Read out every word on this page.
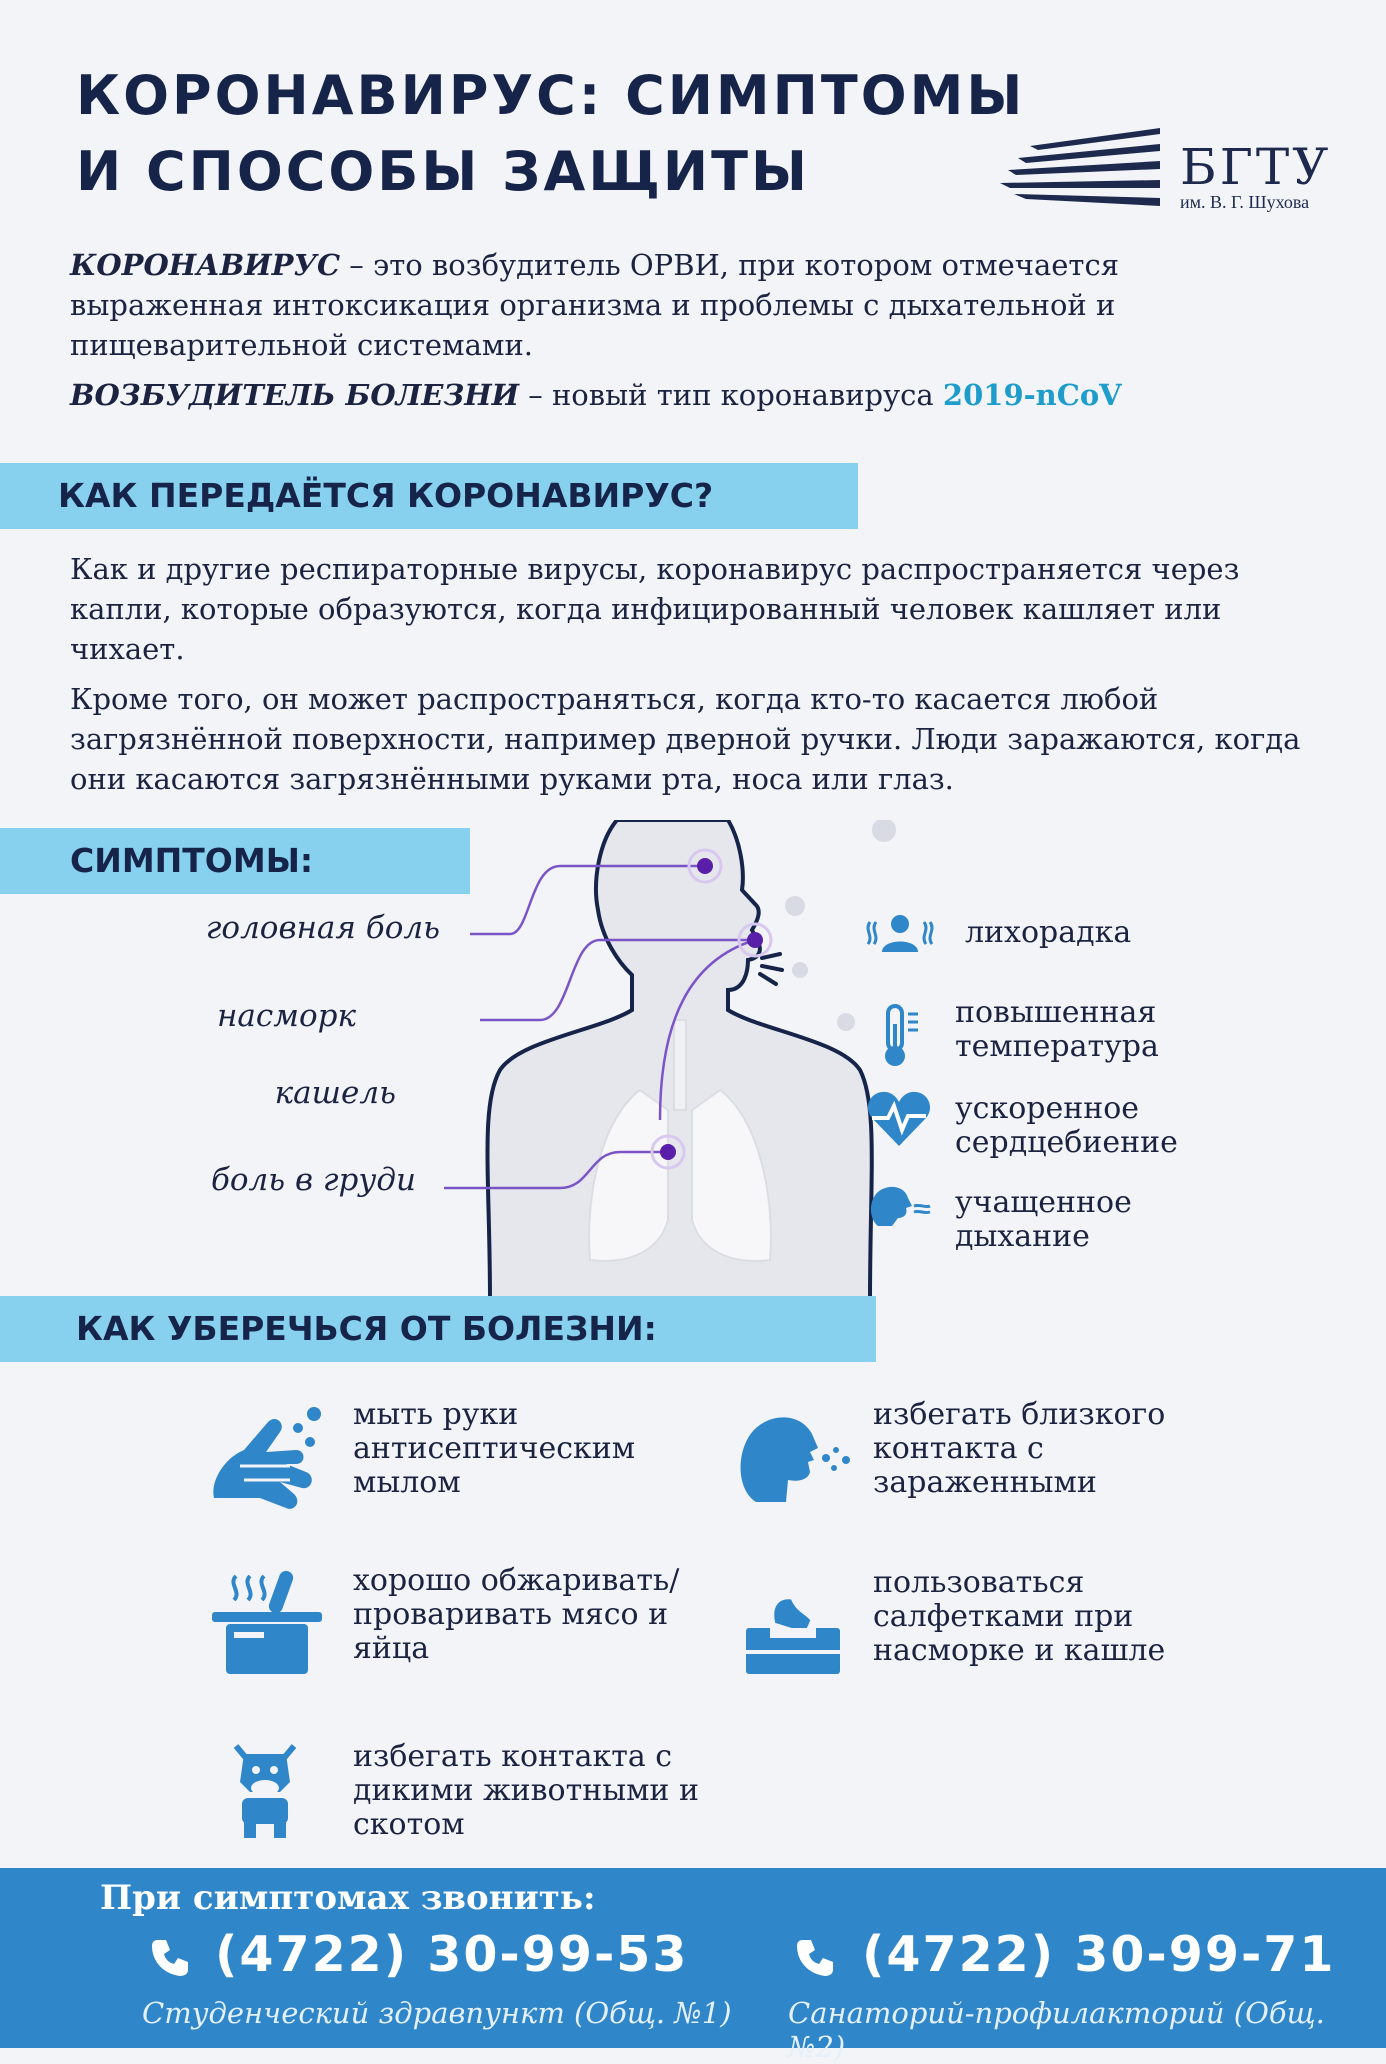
КОРОНАВИРУС: СИМПТОМЫ
И СПОСОБЫ ЗАЩИТЫ	БГТУ
им. В. Г. Шухова
КОРОНАВИРУС – это возбудитель ОРВИ, при котором отмечается выраженная интоксикация организма и проблемы с дыхательной и пищеварительной системами.
ВОЗБУДИТЕЛЬ БОЛЕЗНИ – новый тип коронавируса 2019-nCoV
КАК ПЕРЕДАЁТСЯ КОРОНАВИРУС?

Как и другие респираторные вирусы, коронавирус распространяется через капли, которые образуются, когда инфицированный человек кашляет или чихает.

Кроме того, он может распространяться, когда кто-то касается любой загрязнённой поверхности, например дверной ручки. Люди заражаются, когда они касаются загрязнёнными руками рта, носа или глаз.

СИМПТОМЫ:
головная боль
насморк
кашель
боль в груди
лихорадка
повышенная температура
ускоренное сердцебиение
учащенное дыхание
КАК УБЕРЕЧЬСЯ ОТ БОЛЕЗНИ:
мыть руки антисептическим мылом
избегать близкого контакта с зараженными
хорошо обжаривать/ проваривать мясо и яйца
пользоваться салфетками при насморке и кашле
избегать контакта с дикими животными и скотом
При симптомах звонить:
(4722) 30-99-53
Студенческий здравпункт (Общ. №1)
(4722) 30-99-71
Санаторий-профилакторий (Общ. №2)
